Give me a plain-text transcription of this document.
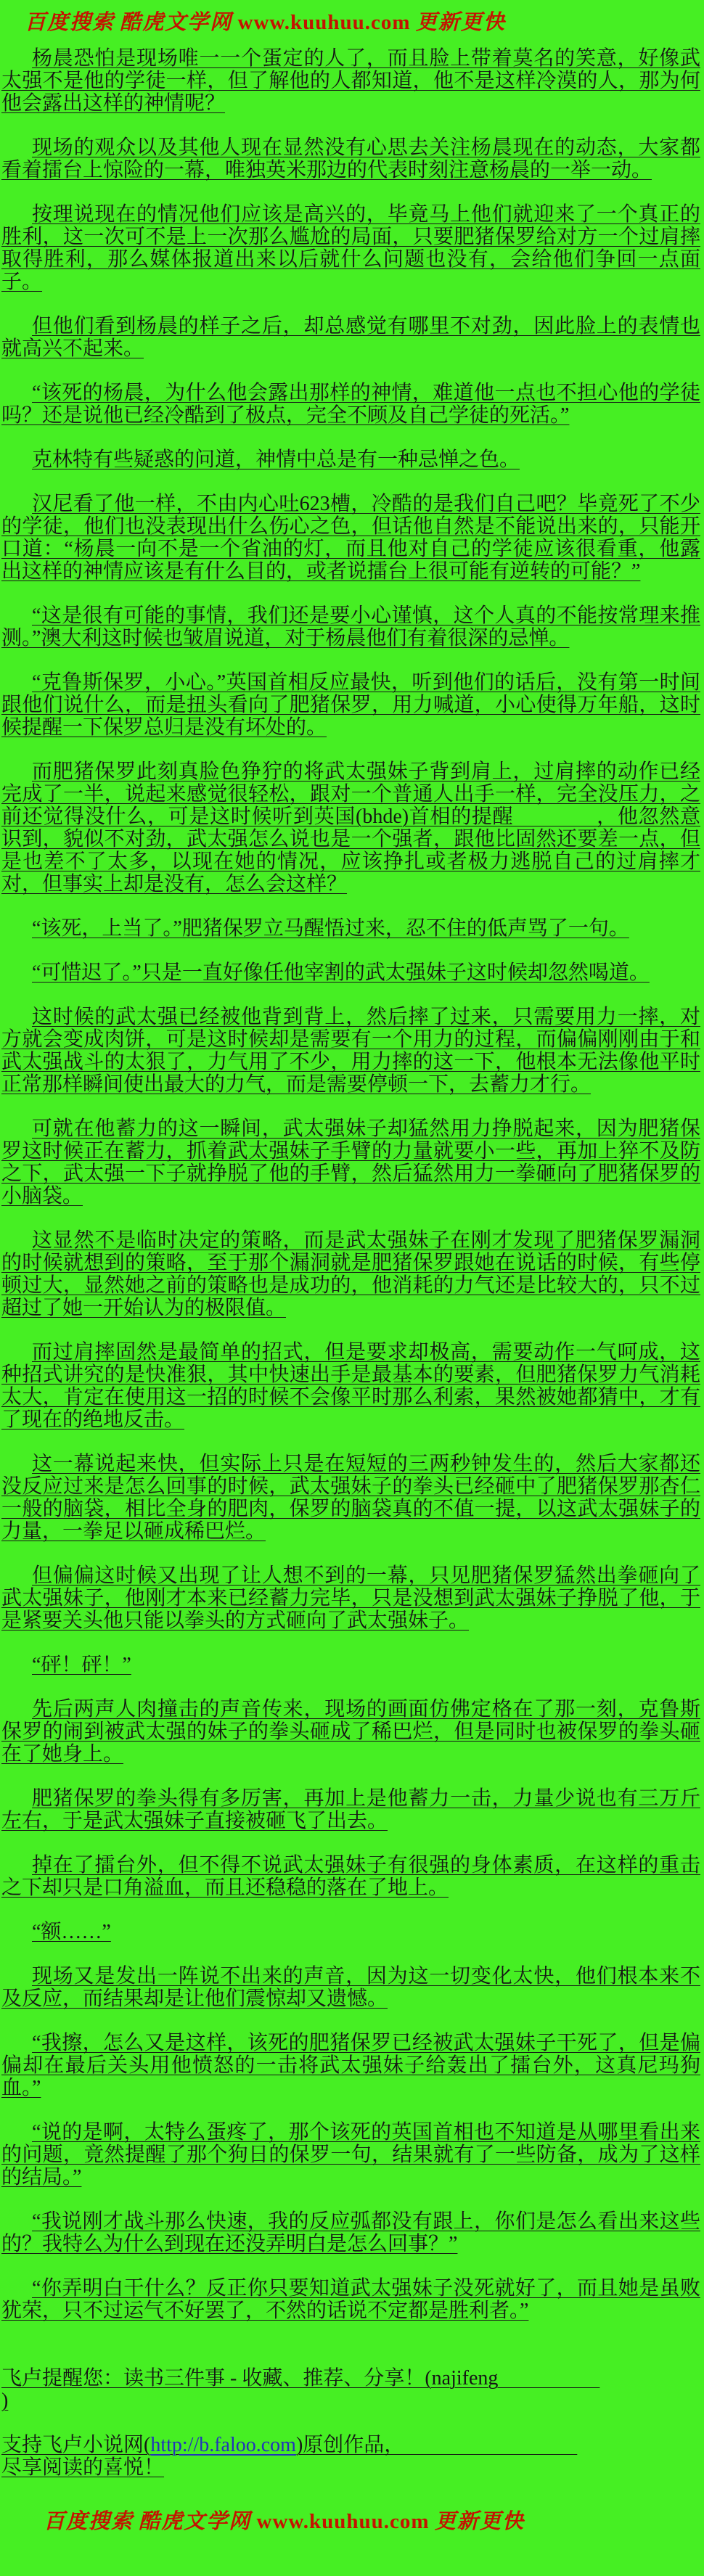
百度搜索 酷虎文学网 www.kuuhuu.com 更新更快

杨晨恐怕是现场唯一一个蛋定的人了，而且脸上带着莫名的笑意，好像武太强不是他的学徒一样，但了解他的人都知道，他不是这样冷漠的人，那为何他会露出这样的神情呢？

现场的观众以及其他人现在显然没有心思去关注杨晨现在的动态，大家都看着擂台上惊险的一幕，唯独英米那边的代表时刻注意杨晨的一举一动。

按理说现在的情况他们应该是高兴的，毕竟马上他们就迎来了一个真正的胜利，这一次可不是上一次那么尴尬的局面，只要肥猪保罗给对方一个过肩摔取得胜利，那么媒体报道出来以后就什么问题也没有，会给他们争回一点面子。

但他们看到杨晨的样子之后，却总感觉有哪里不对劲，因此脸上的表情也就高兴不起来。

“该死的杨晨，为什么他会露出那样的神情，难道他一点也不担心他的学徒吗？还是说他已经冷酷到了极点，完全不顾及自己学徒的死活。”

克林特有些疑惑的问道，神情中总是有一种忌惮之色。

汉尼看了他一样，不由内心吐623槽，冷酷的是我们自己吧？毕竟死了不少的学徒，他们也没表现出什么伤心之色，但话他自然是不能说出来的，只能开口道：“杨晨一向不是一个省油的灯，而且他对自己的学徒应该很看重，他露出这样的神情应该是有什么目的，或者说擂台上很可能有逆转的可能？”

“这是很有可能的事情，我们还是要小心谨慎，这个人真的不能按常理来推测。”澳大利这时候也皱眉说道，对于杨晨他们有着很深的忌惮。

“克鲁斯保罗，小心。”英国首相反应最快，听到他们的话后，没有第一时间跟他们说什么，而是扭头看向了肥猪保罗，用力喊道，小心使得万年船，这时候提醒一下保罗总归是没有坏处的。

而肥猪保罗此刻真脸色狰狞的将武太强妹子背到肩上，过肩摔的动作已经完成了一半，说起来感觉很轻松，跟对一个普通人出手一样，完全没压力，之前还觉得没什么，可是这时候听到英国(bhde)首相的提醒　　　　，他忽然意识到，貌似不对劲，武太强怎么说也是一个强者，跟他比固然还要差一点，但是也差不了太多，以现在她的情况，应该挣扎或者极力逃脱自己的过肩摔才对，但事实上却是没有，怎么会这样？

“该死，上当了。”肥猪保罗立马醒悟过来，忍不住的低声骂了一句。

“可惜迟了。”只是一直好像任他宰割的武太强妹子这时候却忽然喝道。

这时候的武太强已经被他背到背上，然后摔了过来，只需要用力一摔，对方就会变成肉饼，可是这时候却是需要有一个用力的过程，而偏偏刚刚由于和武太强战斗的太狠了，力气用了不少，用力摔的这一下，他根本无法像他平时正常那样瞬间使出最大的力气，而是需要停顿一下，去蓄力才行。

可就在他蓄力的这一瞬间，武太强妹子却猛然用力挣脱起来，因为肥猪保罗这时候正在蓄力，抓着武太强妹子手臂的力量就要小一些，再加上猝不及防之下，武太强一下子就挣脱了他的手臂，然后猛然用力一拳砸向了肥猪保罗的小脑袋。

这显然不是临时决定的策略，而是武太强妹子在刚才发现了肥猪保罗漏洞的时候就想到的策略，至于那个漏洞就是肥猪保罗跟她在说话的时候，有些停顿过大，显然她之前的策略也是成功的，他消耗的力气还是比较大的，只不过超过了她一开始认为的极限值。

而过肩摔固然是最简单的招式，但是要求却极高，需要动作一气呵成，这种招式讲究的是快准狠，其中快速出手是最基本的要素，但肥猪保罗力气消耗太大，肯定在使用这一招的时候不会像平时那么利索，果然被她都猜中，才有了现在的绝地反击。

这一幕说起来快，但实际上只是在短短的三两秒钟发生的，然后大家都还没反应过来是怎么回事的时候，武太强妹子的拳头已经砸中了肥猪保罗那杏仁一般的脑袋，相比全身的肥肉，保罗的脑袋真的不值一提，以这武太强妹子的力量，一拳足以砸成稀巴烂。

但偏偏这时候又出现了让人想不到的一幕，只见肥猪保罗猛然出拳砸向了武太强妹子，他刚才本来已经蓄力完毕，只是没想到武太强妹子挣脱了他，于是紧要关头他只能以拳头的方式砸向了武太强妹子。

“砰！砰！”

先后两声人肉撞击的声音传来，现场的画面仿佛定格在了那一刻，克鲁斯保罗的闹到被武太强的妹子的拳头砸成了稀巴烂，但是同时也被保罗的拳头砸在了她身上。

肥猪保罗的拳头得有多厉害，再加上是他蓄力一击，力量少说也有三万斤左右，于是武太强妹子直接被砸飞了出去。

掉在了擂台外，但不得不说武太强妹子有很强的身体素质，在这样的重击之下却只是口角溢血，而且还稳稳的落在了地上。

“额……”

现场又是发出一阵说不出来的声音，因为这一切变化太快，他们根本来不及反应，而结果却是让他们震惊却又遗憾。

“我擦，怎么又是这样，该死的肥猪保罗已经被武太强妹子干死了，但是偏偏却在最后关头用他愤怒的一击将武太强妹子给轰出了擂台外，这真尼玛狗血。”

“说的是啊，太特么蛋疼了，那个该死的英国首相也不知道是从哪里看出来的问题，竟然提醒了那个狗日的保罗一句，结果就有了一些防备，成为了这样的结局。”

“我说刚才战斗那么快速，我的反应弧都没有跟上，你们是怎么看出来这些的？我特么为什么到现在还没弄明白是怎么回事？”

“你弄明白干什么？反正你只要知道武太强妹子没死就好了，而且她是虽败犹荣，只不过运气不好罢了，不然的话说不定都是胜利者。”

飞卢提醒您：读书三件事 - 收藏、推荐、分享！(najifeng　　　　　
)
支持飞卢小说网(http://b.faloo.com)原创作品，　　　　　　　　　
尽享阅读的喜悦！
百度搜索 酷虎文学网 www.kuuhuu.com 更新更快
